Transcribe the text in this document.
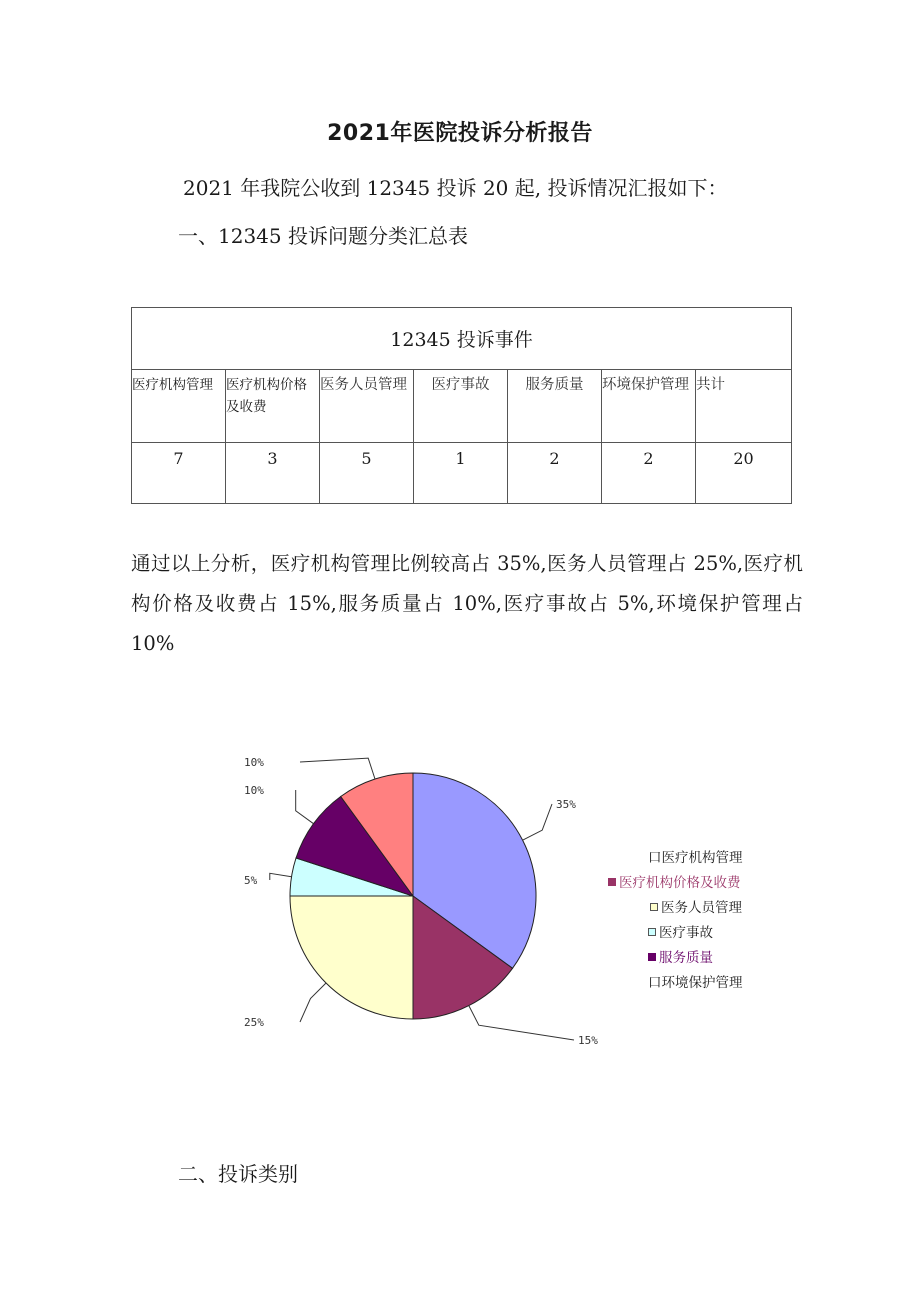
2021年医院投诉分析报告
2021 年我院公收到 12345 投诉 20 起, 投诉情况汇报如下：
一、12345 投诉问题分类汇总表
12345 投诉事件						
医疗机构管理	医疗机构价格及收费	医务人员管理	医疗事故	服务质量	环境保护管理	共计
7	3	5	1	2	2	20
通过以上分析，医疗机构管理比例较高占 35%,医务人员管理占 25%,医疗机构价格及收费占 15%,服务质量占 10%,医疗事故占 5%,环境保护管理占 10%
35%
15%
25%
5%
10%
10%
口医疗机构管理
医疗机构价格及收费
医务人员管理
医疗事故
服务质量
口环境保护管理
二、投诉类别
